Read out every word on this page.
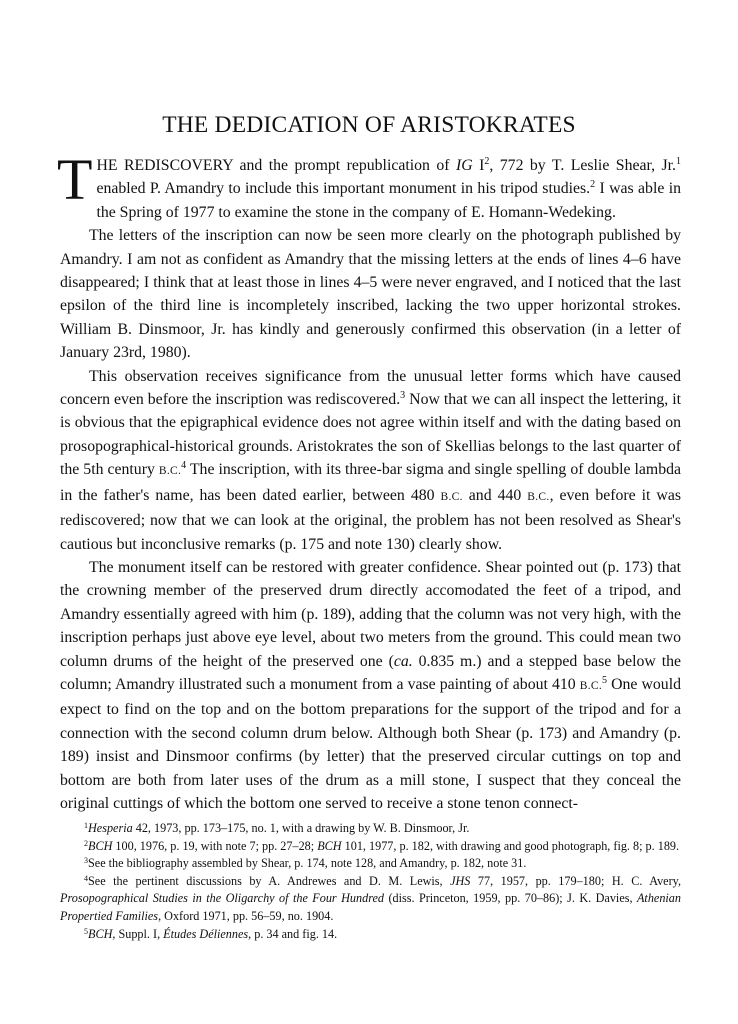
THE DEDICATION OF ARISTOKRATES

THE REDISCOVERY and the prompt republication of IG $I^2$, 772 by T. Leslie Shear, Jr.$^1$ enabled P. Amandry to include this important monument in his tripod studies.$^2$ I was able in the Spring of 1977 to examine the stone in the company of E. Homann-Wedeking.

The letters of the inscription can now be seen more clearly on the photograph published by Amandry. I am not as confident as Amandry that the missing letters at the ends of lines 4–6 have disappeared; I think that at least those in lines 4–5 were never engraved, and I noticed that the last epsilon of the third line is incompletely inscribed, lacking the two upper horizontal strokes. William B. Dinsmoor, Jr. has kindly and generously confirmed this observation (in a letter of January 23rd, 1980).

This observation receives significance from the unusual letter forms which have caused concern even before the inscription was rediscovered.$^3$ Now that we can all inspect the lettering, it is obvious that the epigraphical evidence does not agree within itself and with the dating based on prosopographical-historical grounds. Aristokrates the son of Skellias belongs to the last quarter of the 5th century B.C.$^4$ The inscription, with its three-bar sigma and single spelling of double lambda in the father's name, has been dated earlier, between 480 B.C. and 440 B.C., even before it was rediscovered; now that we can look at the original, the problem has not been resolved as Shear's cautious but inconclusive remarks (p. 175 and note 130) clearly show.

The monument itself can be restored with greater confidence. Shear pointed out (p. 173) that the crowning member of the preserved drum directly accomodated the feet of a tripod, and Amandry essentially agreed with him (p. 189), adding that the column was not very high, with the inscription perhaps just above eye level, about two meters from the ground. This could mean two column drums of the height of the preserved one (ca. 0.835 m.) and a stepped base below the column; Amandry illustrated such a monument from a vase painting of about 410 B.C.$^5$ One would expect to find on the top and on the bottom preparations for the support of the tripod and for a connection with the second column drum below. Although both Shear (p. 173) and Amandry (p. 189) insist and Dinsmoor confirms (by letter) that the preserved circular cuttings on top and bottom are both from later uses of the drum as a mill stone, I suspect that they conceal the original cuttings of which the bottom one served to receive a stone tenon connect-

$^1$Hesperia 42, 1973, pp. 173–175, no. 1, with a drawing by W. B. Dinsmoor, Jr.

$^2$BCH 100, 1976, p. 19, with note 7; pp. 27–28; BCH 101, 1977, p. 182, with drawing and good photograph, fig. 8; p. 189.

$^3$See the bibliography assembled by Shear, p. 174, note 128, and Amandry, p. 182, note 31.

$^4$See the pertinent discussions by A. Andrewes and D. M. Lewis, JHS 77, 1957, pp. 179–180; H. C. Avery, Prosopographical Studies in the Oligarchy of the Four Hundred (diss. Princeton, 1959, pp. 70–86); J. K. Davies, Athenian Propertied Families, Oxford 1971, pp. 56–59, no. 1904.

$^5$BCH, Suppl. I, Études Déliennes, p. 34 and fig. 14.
